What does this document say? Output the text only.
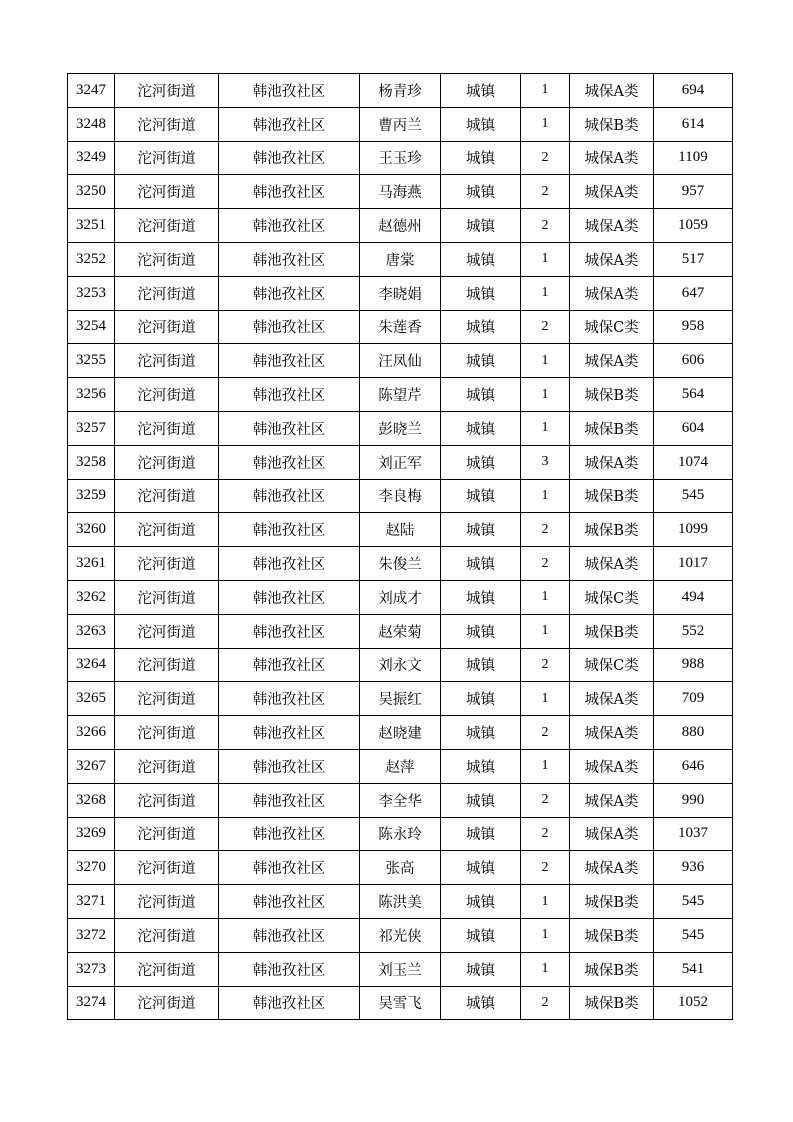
3247	沱河街道	韩池孜社区	杨青珍	城镇	1	城保A类	694
3248	沱河街道	韩池孜社区	曹丙兰	城镇	1	城保B类	614
3249	沱河街道	韩池孜社区	王玉珍	城镇	2	城保A类	1109
3250	沱河街道	韩池孜社区	马海燕	城镇	2	城保A类	957
3251	沱河街道	韩池孜社区	赵德州	城镇	2	城保A类	1059
3252	沱河街道	韩池孜社区	唐棠	城镇	1	城保A类	517
3253	沱河街道	韩池孜社区	李晓娟	城镇	1	城保A类	647
3254	沱河街道	韩池孜社区	朱莲香	城镇	2	城保C类	958
3255	沱河街道	韩池孜社区	汪凤仙	城镇	1	城保A类	606
3256	沱河街道	韩池孜社区	陈望芹	城镇	1	城保B类	564
3257	沱河街道	韩池孜社区	彭晓兰	城镇	1	城保B类	604
3258	沱河街道	韩池孜社区	刘正军	城镇	3	城保A类	1074
3259	沱河街道	韩池孜社区	李良梅	城镇	1	城保B类	545
3260	沱河街道	韩池孜社区	赵陆	城镇	2	城保B类	1099
3261	沱河街道	韩池孜社区	朱俊兰	城镇	2	城保A类	1017
3262	沱河街道	韩池孜社区	刘成才	城镇	1	城保C类	494
3263	沱河街道	韩池孜社区	赵荣菊	城镇	1	城保B类	552
3264	沱河街道	韩池孜社区	刘永文	城镇	2	城保C类	988
3265	沱河街道	韩池孜社区	吴振红	城镇	1	城保A类	709
3266	沱河街道	韩池孜社区	赵晓建	城镇	2	城保A类	880
3267	沱河街道	韩池孜社区	赵萍	城镇	1	城保A类	646
3268	沱河街道	韩池孜社区	李全华	城镇	2	城保A类	990
3269	沱河街道	韩池孜社区	陈永玲	城镇	2	城保A类	1037
3270	沱河街道	韩池孜社区	张高	城镇	2	城保A类	936
3271	沱河街道	韩池孜社区	陈洪美	城镇	1	城保B类	545
3272	沱河街道	韩池孜社区	祁光侠	城镇	1	城保B类	545
3273	沱河街道	韩池孜社区	刘玉兰	城镇	1	城保B类	541
3274	沱河街道	韩池孜社区	吴雪飞	城镇	2	城保B类	1052
